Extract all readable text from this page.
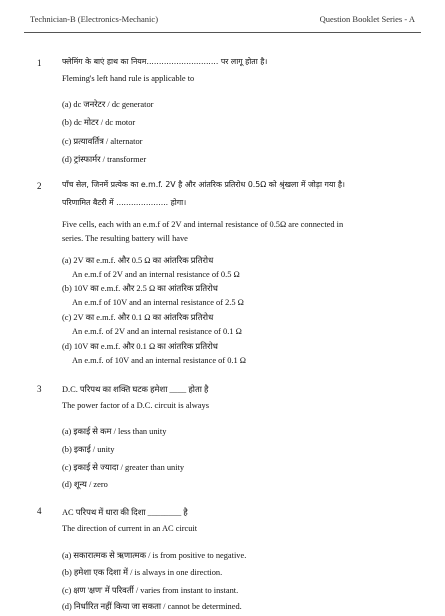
Technician-B (Electronics-Mechanic)	Question Booklet Series - A
1	फ्लेमिंग के बाएं हाथ का नियम............................. पर लागू होता है।
Fleming's left hand rule is applicable to
(a) dc जनरेटर / dc generator
(b) dc मोटर / dc motor
(c) प्रत्यावर्तित्र / alternator
(d) ट्रांस्फार्मर / transformer
2	पाँच सेल, जिनमें प्रत्येक का e.m.f. 2V है और आंतरिक प्रतिरोध 0.5Ω को श्रृंखला में जोड़ा गया है।
परिणामित बैटरी में ..................... होगा।
Five cells, each with an e.m.f of 2V and internal resistance of 0.5Ω are connected in
series. The resulting battery will have
(a) 2V का e.m.f. और 0.5 Ω का आंतरिक प्रतिरोध
An e.m.f of 2V and an internal resistance of 0.5 Ω
(b) 10V का e.m.f. और 2.5 Ω का आंतरिक प्रतिरोध
An e.m.f of 10V and an internal resistance of 2.5 Ω
(c) 2V का e.m.f. और 0.1 Ω का आंतरिक प्रतिरोध
An e.m.f. of 2V and an internal resistance of 0.1 Ω
(d) 10V का e.m.f. और 0.1 Ω का आंतरिक प्रतिरोध
An e.m.f. of 10V and an internal resistance of 0.1 Ω
3 D.C. परिपथ का शक्ति घटक हमेशा ____ होता है
The power factor of a D.C. circuit is always
(a) इकाई से कम / less than unity
(b) इकाई / unity
(c) इकाई से ज्यादा / greater than unity
(d) शून्य / zero
4 AC परिपथ में धारा की दिशा ________ है
The direction of current in an AC circuit
(a) सकारात्मक से ऋणात्मक / is from positive to negative.
(b) हमेशा एक दिशा में / is always in one direction.
(c) क्षण 'क्षण' में परिवर्ती / varies from instant to instant.
(d) निर्धारित नहीं किया जा सकता / cannot be determined.
